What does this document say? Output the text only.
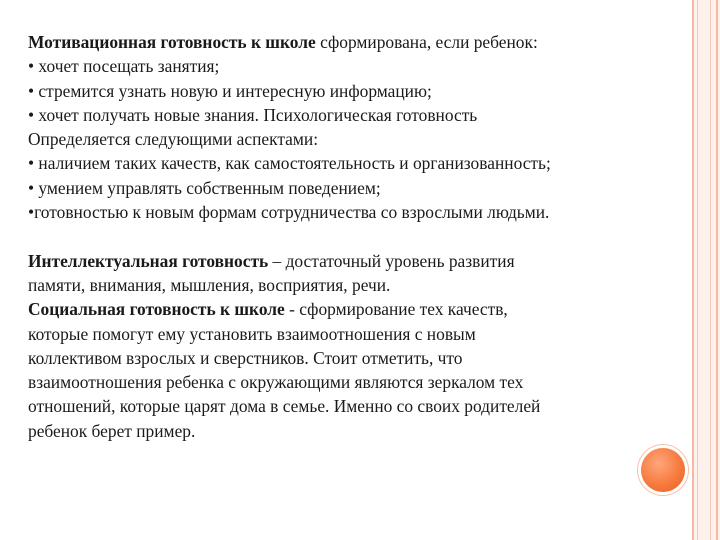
Мотивационная готовность к школе сформирована, если ребенок:
• хочет посещать занятия;
• стремится узнать новую и интересную информацию;
• хочет получать новые знания. Психологическая готовность
Определяется следующими аспектами:
• наличием таких качеств, как самостоятельность и организованность;
• умением управлять собственным поведением;
•готовностью к новым формам сотрудничества со взрослыми людьми.
Интеллектуальная готовность – достаточный уровень развития
памяти, внимания, мышления, восприятия, речи.
Социальная готовность к школе - сформирование тех качеств,
которые помогут ему установить взаимоотношения с новым
коллективом взрослых и сверстников. Стоит отметить, что
взаимоотношения ребенка с окружающими являются зеркалом тех
отношений, которые царят дома в семье. Именно со своих родителей
ребенок берет пример.
